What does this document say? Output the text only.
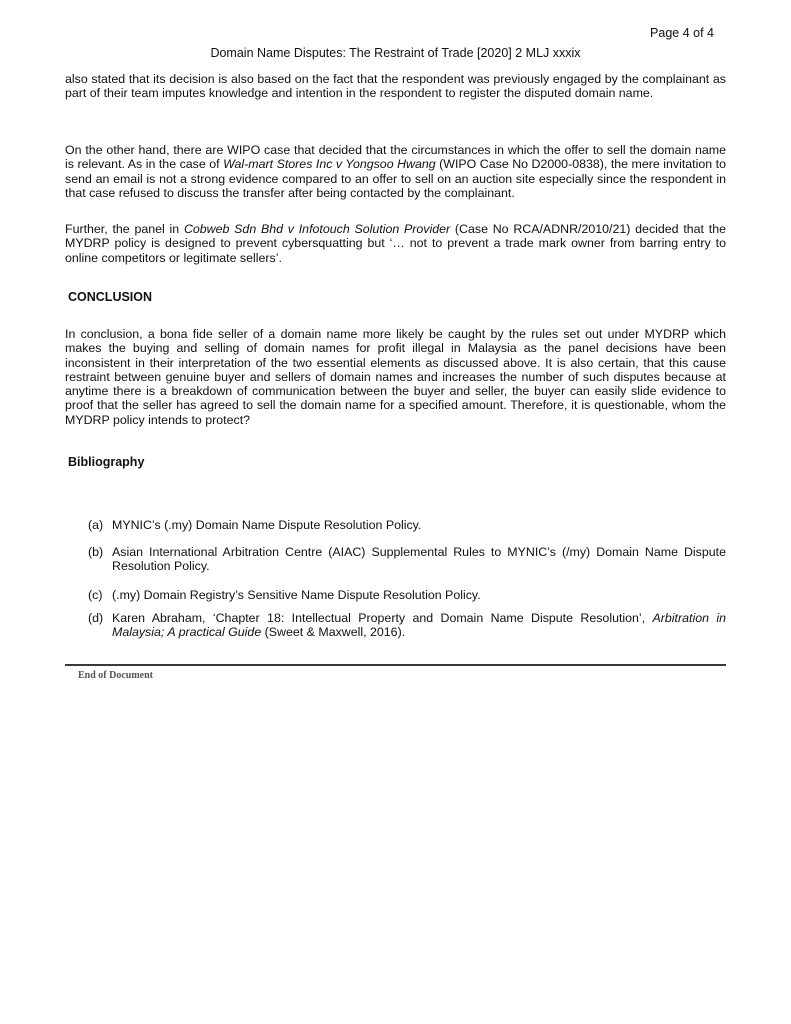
Page 4 of 4
Domain Name Disputes: The Restraint of Trade [2020] 2 MLJ xxxix

also stated that its decision is also based on the fact that the respondent was previously engaged by the complainant as part of their team imputes knowledge and intention in the respondent to register the disputed domain name.

On the other hand, there are WIPO case that decided that the circumstances in which the offer to sell the domain name is relevant. As in the case of Wal-mart Stores Inc v Yongsoo Hwang (WIPO Case No D2000-0838), the mere invitation to send an email is not a strong evidence compared to an offer to sell on an auction site especially since the respondent in that case refused to discuss the transfer after being contacted by the complainant.

Further, the panel in Cobweb Sdn Bhd v Infotouch Solution Provider (Case No RCA/ADNR/2010/21) decided that the MYDRP policy is designed to prevent cybersquatting but ‘… not to prevent a trade mark owner from barring entry to online competitors or legitimate sellers’.

CONCLUSION

In conclusion, a bona fide seller of a domain name more likely be caught by the rules set out under MYDRP which makes the buying and selling of domain names for profit illegal in Malaysia as the panel decisions have been inconsistent in their interpretation of the two essential elements as discussed above. It is also certain, that this cause restraint between genuine buyer and sellers of domain names and increases the number of such disputes because at anytime there is a breakdown of communication between the buyer and seller, the buyer can easily slide evidence to proof that the seller has agreed to sell the domain name for a specified amount. Therefore, it is questionable, whom the MYDRP policy intends to protect?

Bibliography
(a) MYNIC’s (.my) Domain Name Dispute Resolution Policy.
(b) Asian International Arbitration Centre (AIAC) Supplemental Rules to MYNIC’s (/my) Domain Name Dispute Resolution Policy.
(c) (.my) Domain Registry’s Sensitive Name Dispute Resolution Policy.
(d) Karen Abraham, ‘Chapter 18: Intellectual Property and Domain Name Dispute Resolution’, Arbitration in Malaysia; A practical Guide (Sweet & Maxwell, 2016).
End of Document
